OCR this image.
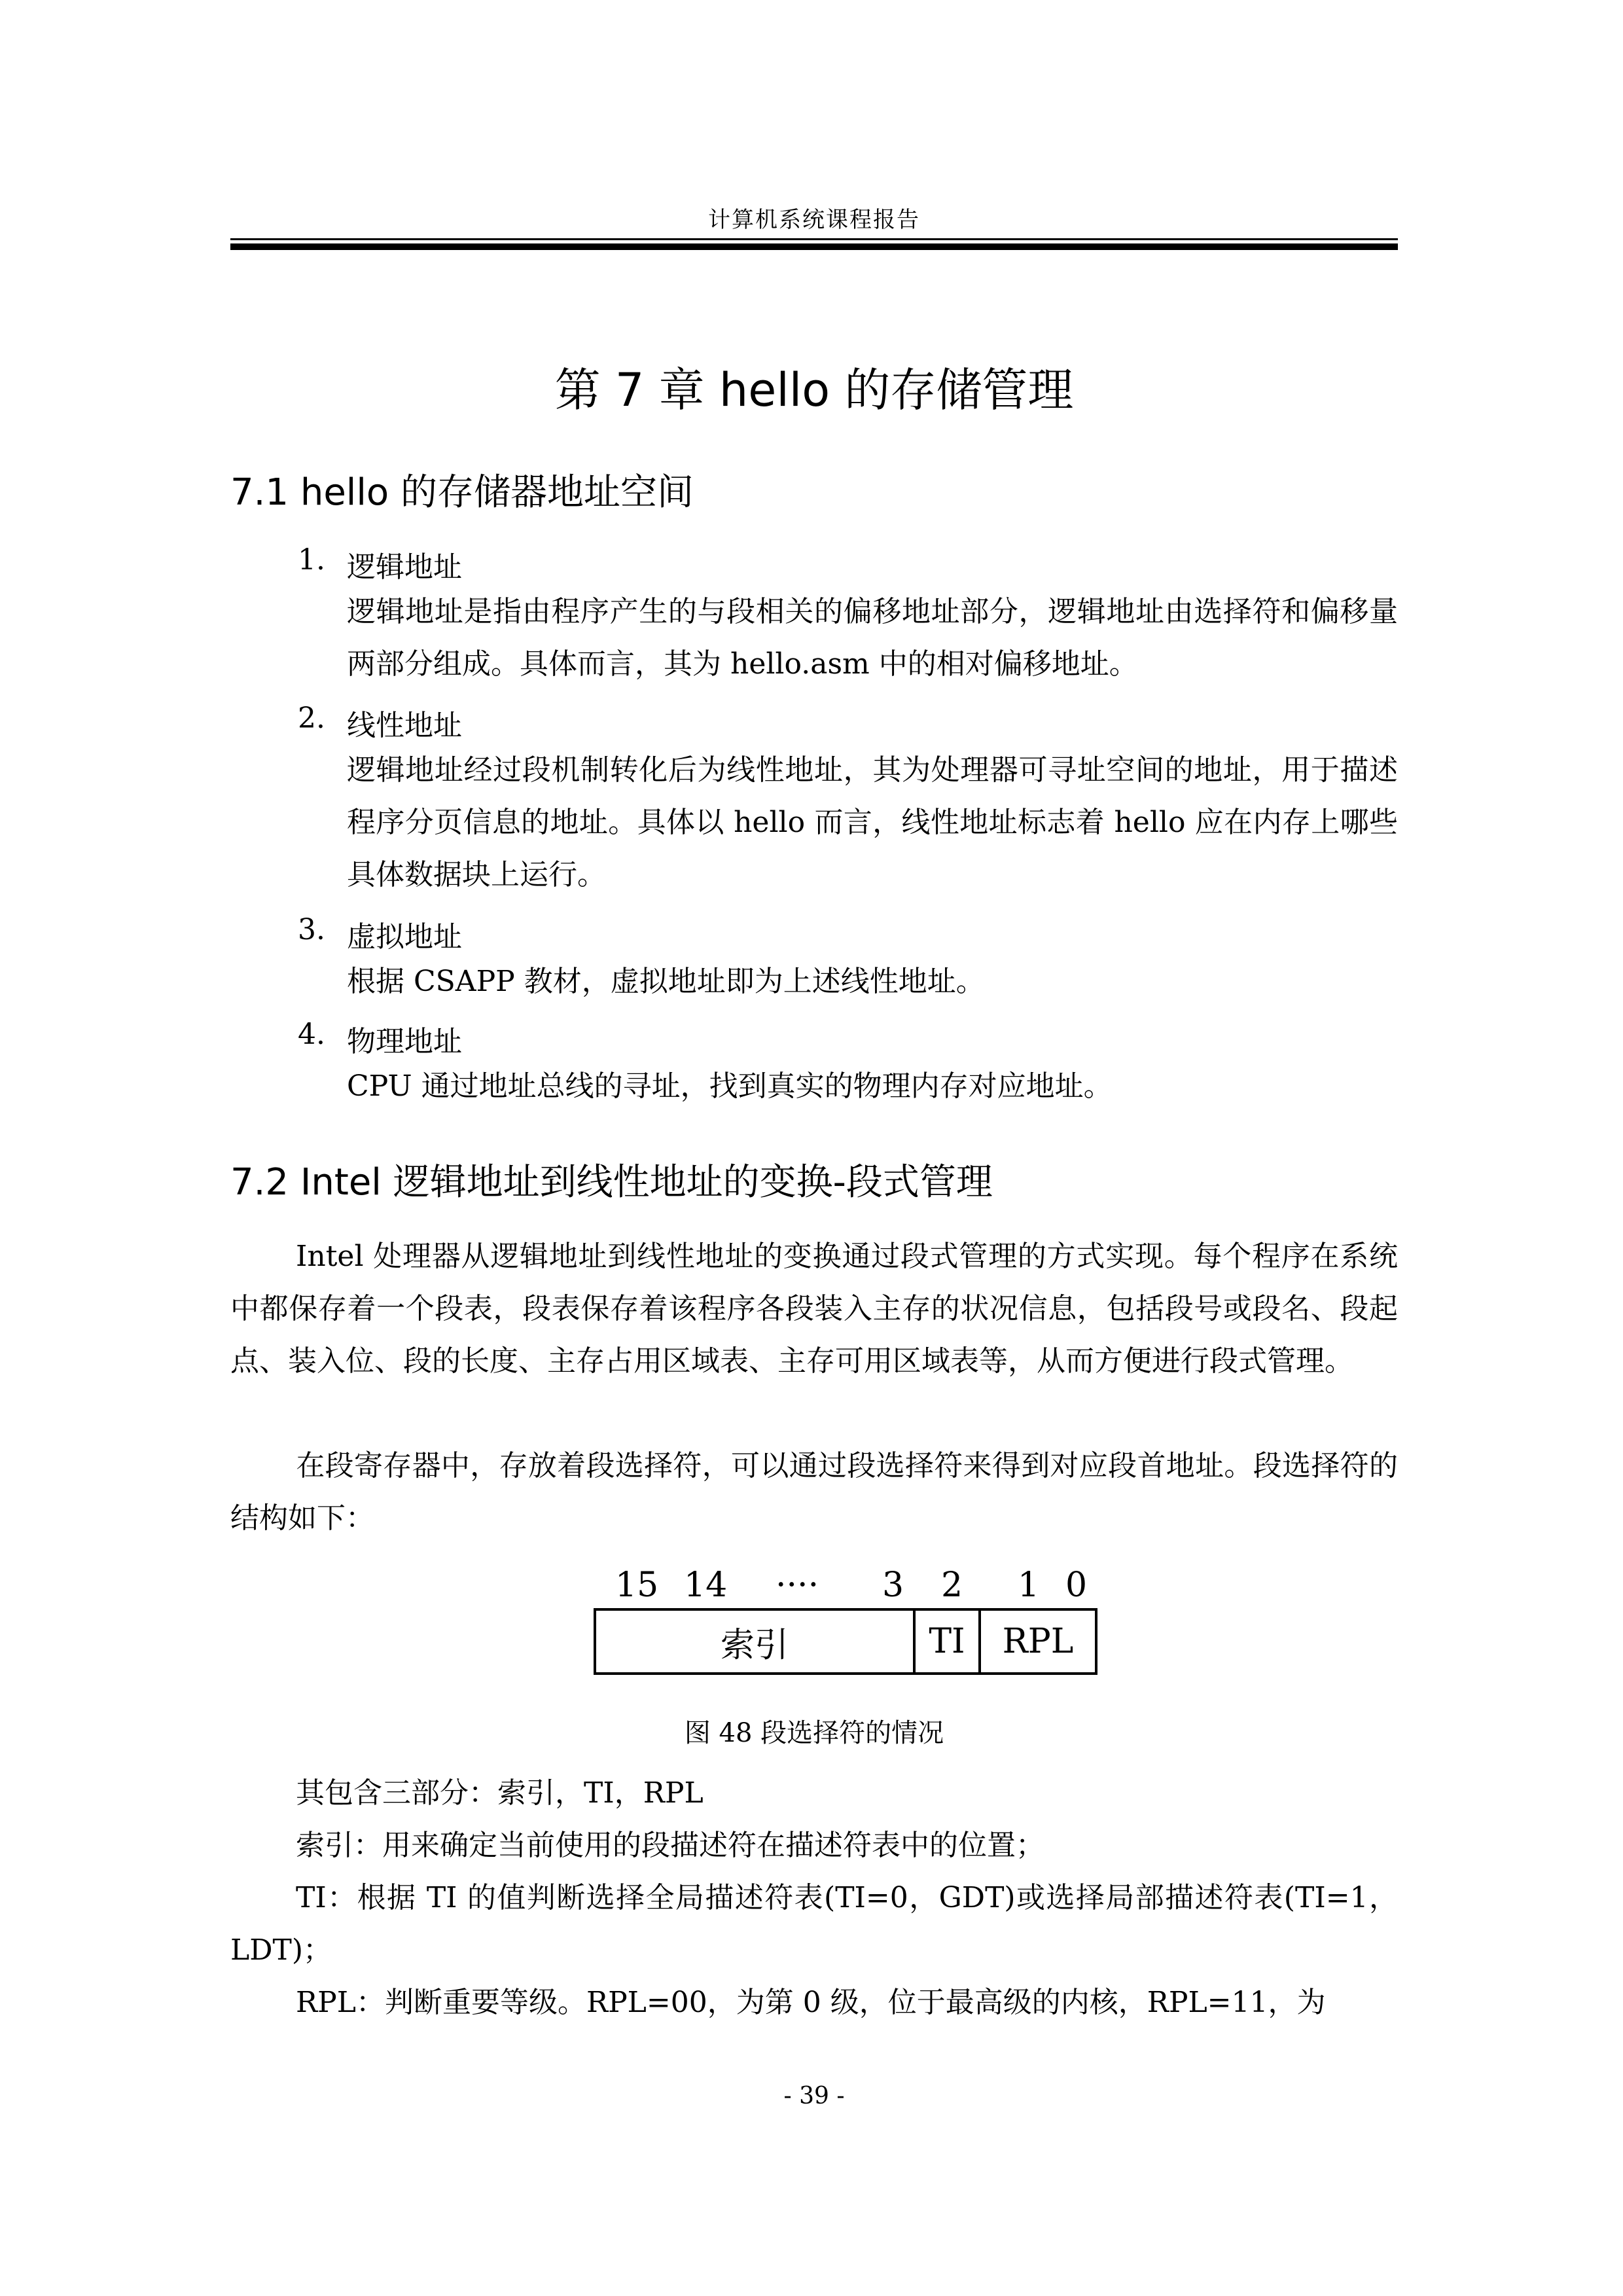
计算机系统课程报告
第 7 章 hello 的存储管理
7.1 hello 的存储器地址空间
1. 逻辑地址
逻辑地址是指由程序产生的与段相关的偏移地址部分，逻辑地址由选择符和偏移量两部分组成。具体而言，其为 hello.asm 中的相对偏移地址。
2. 线性地址
逻辑地址经过段机制转化后为线性地址，其为处理器可寻址空间的地址，用于描述程序分页信息的地址。具体以 hello 而言，线性地址标志着 hello 应在内存上哪些具体数据块上运行。
3. 虚拟地址
根据 CSAPP 教材，虚拟地址即为上述线性地址。
4. 物理地址
CPU 通过地址总线的寻址，找到真实的物理内存对应地址。
7.2 Intel 逻辑地址到线性地址的变换-段式管理
Intel 处理器从逻辑地址到线性地址的变换通过段式管理的方式实现。每个程序在系统中都保存着一个段表，段表保存着该程序各段装入主存的状况信息，包括段号或段名、段起点、装入位、段的长度、主存占用区域表、主存可用区域表等，从而方便进行段式管理。
在段寄存器中，存放着段选择符，可以通过段选择符来得到对应段首地址。段选择符的结构如下：
15 14 ···· 3 2 1 0
索引	TI	RPL
图 48 段选择符的情况
其包含三部分：索引，TI，RPL
索引：用来确定当前使用的段描述符在描述符表中的位置；
TI：根据 TI 的值判断选择全局描述符表(TI=0，GDT)或选择局部描述符表(TI=1，LDT)；
RPL：判断重要等级。RPL=00，为第 0 级，位于最高级的内核，RPL=11，为
- 39 -
